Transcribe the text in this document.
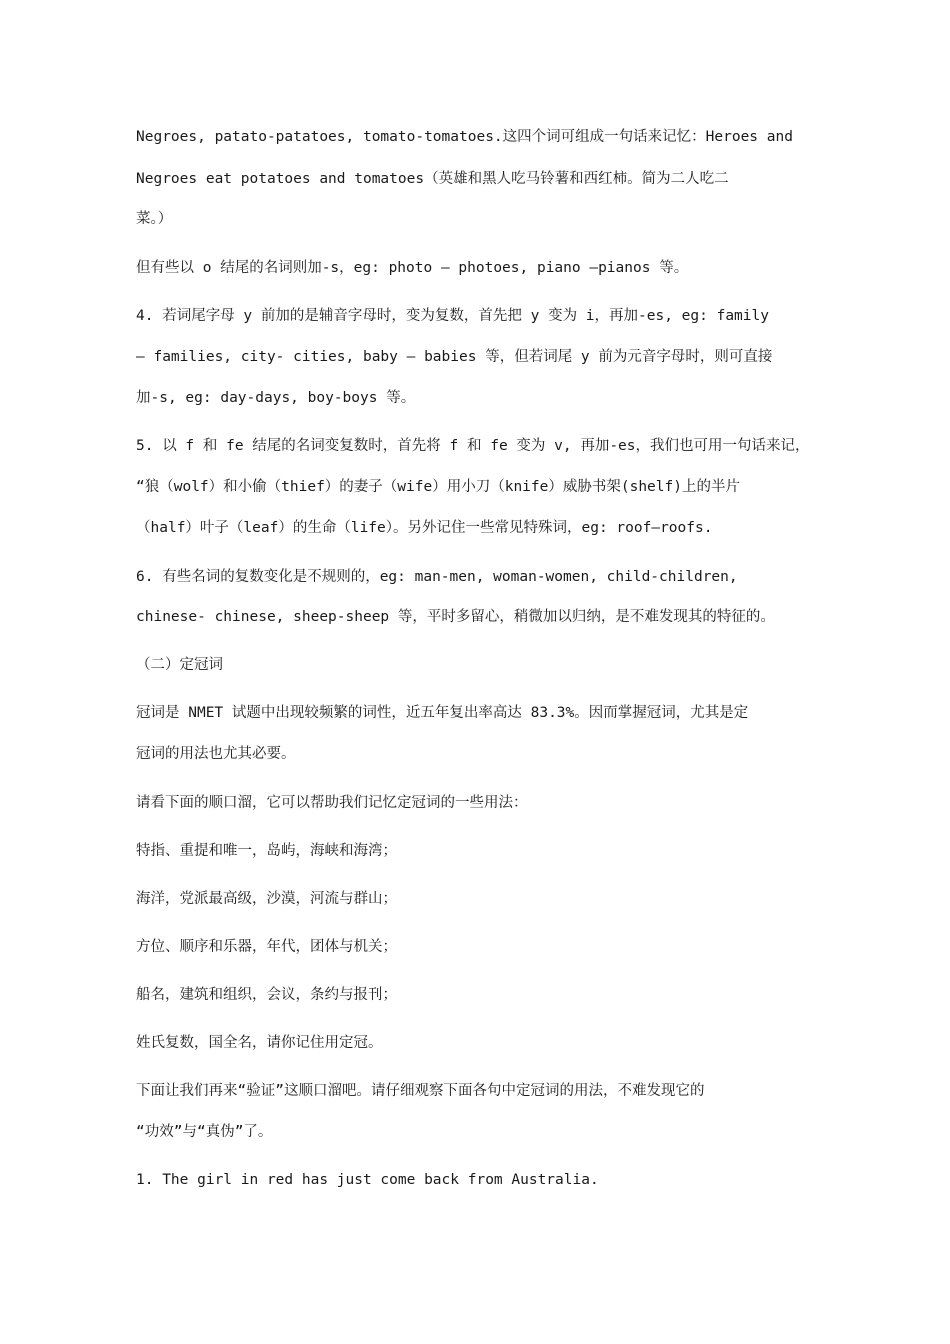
Negroes, patato-patatoes, tomato-tomatoes.这四个词可组成一句话来记忆：Heroes and
Negroes eat potatoes and tomatoes（英雄和黑人吃马铃薯和西红柿。简为二人吃二
菜。）
但有些以 o 结尾的名词则加-s，eg: photo – photoes, piano –pianos 等。
4. 若词尾字母 y 前加的是辅音字母时，变为复数，首先把 y 变为 i，再加-es, eg: family
– families, city- cities, baby – babies 等，但若词尾 y 前为元音字母时，则可直接
加-s, eg: day-days, boy-boys 等。
5. 以 f 和 fe 结尾的名词变复数时，首先将 f 和 fe 变为 v, 再加-es，我们也可用一句话来记，
“狼（wolf）和小偷（thief）的妻子（wife）用小刀（knife）威胁书架(shelf)上的半片
（half）叶子（leaf）的生命（life）。另外记住一些常见特殊词，eg: roof—roofs.
6. 有些名词的复数变化是不规则的，eg: man-men, woman-women, child-children,
chinese- chinese, sheep-sheep 等，平时多留心，稍微加以归纳，是不难发现其的特征的。
（二）定冠词
冠词是 NMET 试题中出现较频繁的词性，近五年复出率高达 83.3%。因而掌握冠词，尤其是定
冠词的用法也尤其必要。
请看下面的顺口溜，它可以帮助我们记忆定冠词的一些用法：
特指、重提和唯一，岛屿，海峡和海湾；
海洋，党派最高级，沙漠，河流与群山；
方位、顺序和乐器，年代，团体与机关；
船名，建筑和组织，会议，条约与报刊；
姓氏复数，国全名，请你记住用定冠。
下面让我们再来“验证”这顺口溜吧。请仔细观察下面各句中定冠词的用法，不难发现它的
“功效”与“真伪”了。
1. The girl in red has just come back from Australia.
